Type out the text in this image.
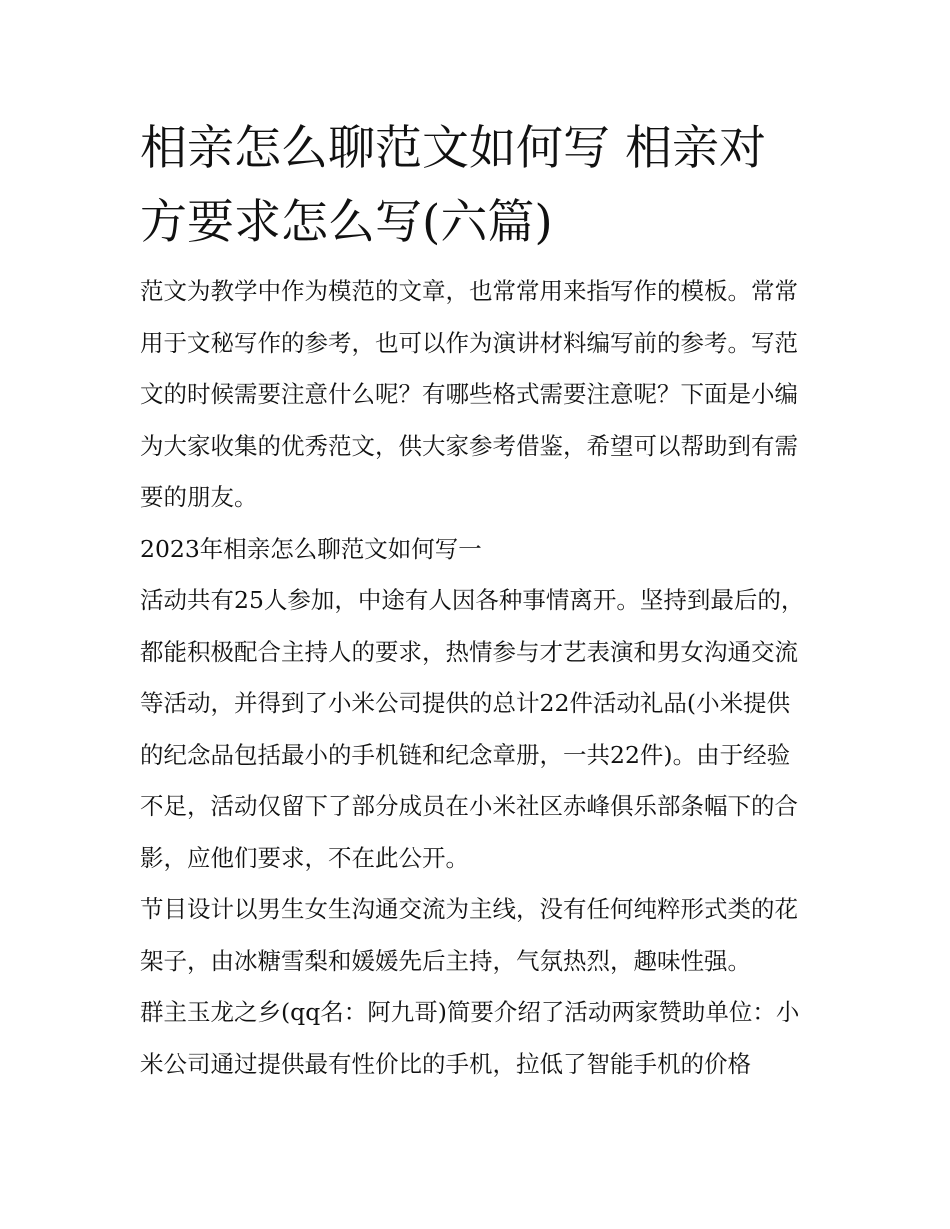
相亲怎么聊范文如何写 相亲对方要求怎么写(六篇)

范文为教学中作为模范的文章，也常常用来指写作的模板。常常用于文秘写作的参考，也可以作为演讲材料编写前的参考。写范文的时候需要注意什么呢？有哪些格式需要注意呢？下面是小编为大家收集的优秀范文，供大家参考借鉴，希望可以帮助到有需要的朋友。

2023年相亲怎么聊范文如何写一

活动共有25人参加，中途有人因各种事情离开。坚持到最后的，都能积极配合主持人的要求，热情参与才艺表演和男女沟通交流等活动，并得到了小米公司提供的总计22件活动礼品(小米提供的纪念品包括最小的手机链和纪念章册，一共22件)。由于经验不足，活动仅留下了部分成员在小米社区赤峰俱乐部条幅下的合影，应他们要求，不在此公开。

节目设计以男生女生沟通交流为主线，没有任何纯粹形式类的花架子，由冰糖雪梨和媛媛先后主持，气氛热烈，趣味性强。

群主玉龙之乡(qq名：阿九哥)简要介绍了活动两家赞助单位：小米公司通过提供最有性价比的手机，拉低了智能手机的价格
